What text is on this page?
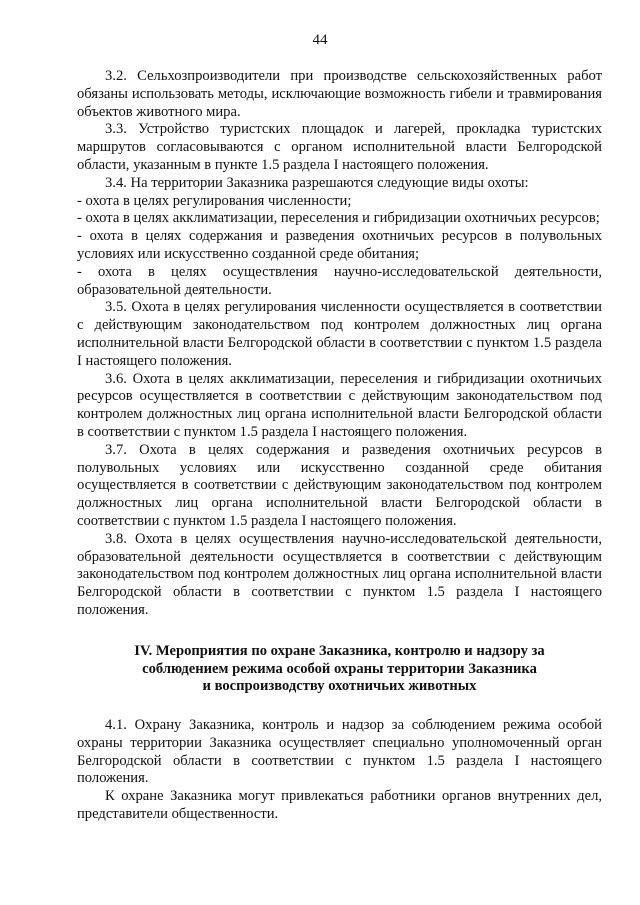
44

3.2. Сельхозпроизводители при производстве сельскохозяйственных работ обязаны использовать методы, исключающие возможность гибели и травмирования объектов животного мира.

3.3. Устройство туристских площадок и лагерей, прокладка туристских маршрутов согласовываются с органом исполнительной власти Белгородской области, указанным в пункте 1.5 раздела I настоящего положения.

3.4. На территории Заказника разрешаются следующие виды охоты:

- охота в целях регулирования численности;

- охота в целях акклиматизации, переселения и гибридизации охотничьих ресурсов;

- охота в целях содержания и разведения охотничьих ресурсов в полувольных условиях или искусственно созданной среде обитания;

- охота в целях осуществления научно-исследовательской деятельности, образовательной деятельности.

3.5. Охота в целях регулирования численности осуществляется в соответствии с действующим законодательством под контролем должностных лиц органа исполнительной власти Белгородской области в соответствии с пунктом 1.5 раздела I настоящего положения.

3.6. Охота в целях акклиматизации, переселения и гибридизации охотничьих ресурсов осуществляется в соответствии с действующим законодательством под контролем должностных лиц органа исполнительной власти Белгородской области в соответствии с пунктом 1.5 раздела I настоящего положения.

3.7. Охота в целях содержания и разведения охотничьих ресурсов в полувольных условиях или искусственно созданной среде обитания осуществляется в соответствии с действующим законодательством под контролем должностных лиц органа исполнительной власти Белгородской области в соответствии с пунктом 1.5 раздела I настоящего положения.

3.8. Охота в целях осуществления научно-исследовательской деятельности, образовательной деятельности осуществляется в соответствии с действующим законодательством под контролем должностных лиц органа исполнительной власти Белгородской области в соответствии с пунктом 1.5 раздела I настоящего положения.

IV. Мероприятия по охране Заказника, контролю и надзору за
соблюдением режима особой охраны территории Заказника
и воспроизводству охотничьих животных

4.1. Охрану Заказника, контроль и надзор за соблюдением режима особой охраны территории Заказника осуществляет специально уполномоченный орган Белгородской области в соответствии с пунктом 1.5 раздела I настоящего положения.

К охране Заказника могут привлекаться работники органов внутренних дел, представители общественности.
